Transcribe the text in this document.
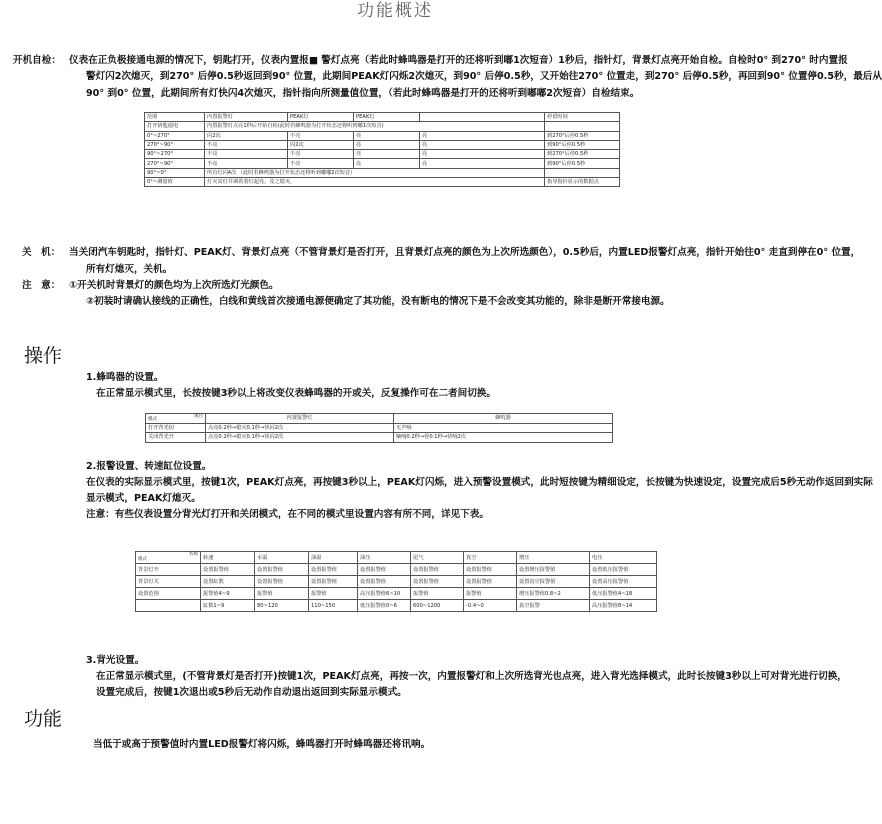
功能概述
开机自检： 仪表在正负极接通电源的情况下，钥匙打开，仪表内置报■ 警灯点亮（若此时蜂鸣器是打开的还将听到嘟1次短音）1秒后，指针灯，背景灯点亮开始自检。自检时0° 到270° 时内置报
警灯闪2次熄灭，到270° 后停0.5秒返回到90° 位置，此期间PEAK灯闪烁2次熄灭，到90° 后停0.5秒，又开始往270° 位置走，到270° 后停0.5秒，再回到90° 位置停0.5秒，最后从
90° 到0° 位置，此期间所有灯快闪4次熄灭，指针指向所测量值位置，（若此时蜂鸣器是打开的还将听到嘟嘟2次短音）自检结束。
范围	内置报警灯	PEAK灯	PEAK灯		停留时间
打开钥匙通电	内置报警灯点亮1秒后开始自检(此时若蜂鸣器为打开状态还将听到嘟1次短音)				
0°~270°	闪2次	不亮	亮	亮	到270°后停0.5秒
270°~90°	不亮	闪2次	亮	亮	到90°后停0.5秒
90°~270°	不亮	不亮	亮	亮	到270°后停0.5秒
270°~90°	不亮	不亮	亮	亮	到90°后停0.5秒
90°~0°	所有灯闪4次 （此时若蜂鸣器为打开状态还将听到嘟嘟2次短音）				
0°~测量值	灯灭其灯并调着着灯起亮，及之熄灭。				指导指针显示的数据点
关　机： 当关闭汽车钥匙时，指针灯、PEAK灯、背景灯点亮（不管背景灯是否打开，且背景灯点亮的颜色为上次所选颜色），0.5秒后，内置LED报警灯点亮，指针开始往0° 走直到停在0° 位置，
所有灯熄灭，关机。
注　意： ①开关机时背景灯的颜色均为上次所选灯光颜色。
②初装时请确认接线的正确性，白线和黄线首次接通电源便确定了其功能，没有断电的情况下是不会改变其功能的，除非是断开常接电源。
操作
1.蜂鸣器的设置。
在正常显示模式里，长按按键3秒以上将改变仪表蜂鸣器的开或关，反复操作可在二者间切换。
项目
模式	内置报警灯	蜂鸣器
打开背光切	点亮0.2秒→熄灭0.1秒→快闪2次	无声响
关闭背光开	点亮0.2秒→熄灭0.1秒→快闪2次	嘀响0.2秒→停0.1秒→快响2次
2.报警设置、转速缸位设置。
在仪表的实际显示模式里，按键1次，PEAK灯点亮，再按键3秒以上，PEAK灯闪烁，进入预警设置模式，此时短按键为精细设定，长按键为快速设定，设置完成后5秒无动作返回到实际
显示模式，PEAK灯熄灭。
注意：有些仪表设置分背光灯打开和关闭模式，在不同的模式里设置内容有所不同，详见下表。
名称
模式	转速	水温	油温	油压	尾气	真空	增压	电压
背景灯开	设置报警值	设置报警值	设置报警值	设置报警值	设置报警值	设置报警值	设置增压报警值	设置低压报警值
背景灯关	设置缸数	设置报警值	设置报警值	设置报警值	设置报警值	设置报警值	设置真空报警值	设置高压报警值
设置范围	报警值4~9	报警值	报警值	高压报警值6~10	报警值	报警值	增压报警值0.8~2	低压报警值4~18
	缸数1~9	80~120	110~150	低压报警值0~6	600~1200	-0.4~0	真空报警	高压报警值8~14
3.背光设置。
在正常显示模式里，(不管背景灯是否打开)按键1次，PEAK灯点亮，再按一次，内置报警灯和上次所选背光也点亮，进入背光选择模式，此时长按键3秒以上可对背光进行切换，
设置完成后，按键1次退出或5秒后无动作自动退出返回到实际显示模式。
功能
当低于或高于预警值时内置LED报警灯将闪烁，蜂鸣器打开时蜂鸣器还将讯响。
